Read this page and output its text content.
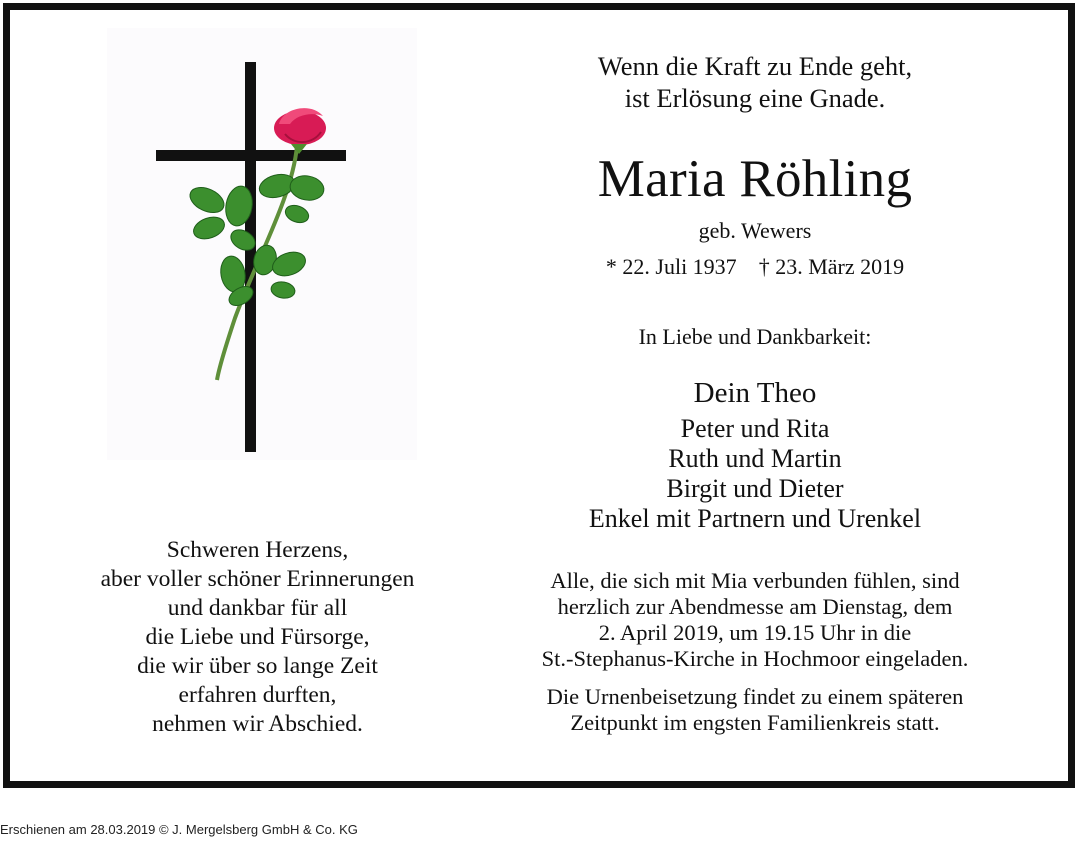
Schweren Herzens,
aber voller schöner Erinnerungen
und dankbar für all
die Liebe und Fürsorge,
die wir über so lange Zeit
erfahren durften,
nehmen wir Abschied.
Wenn die Kraft zu Ende geht,
ist Erlösung eine Gnade.
Maria Röhling
geb. Wewers
* 22. Juli 1937 † 23. März 2019
In Liebe und Dankbarkeit:
Dein Theo
Peter und Rita
Ruth und Martin
Birgit und Dieter
Enkel mit Partnern und Urenkel
Alle, die sich mit Mia verbunden fühlen, sind
herzlich zur Abendmesse am Dienstag, dem
2. April 2019, um 19.15 Uhr in die
St.-Stephanus-Kirche in Hochmoor eingeladen.
Die Urnenbeisetzung findet zu einem späteren
Zeitpunkt im engsten Familienkreis statt.
Erschienen am 28.03.2019 © J. Mergelsberg GmbH & Co. KG
